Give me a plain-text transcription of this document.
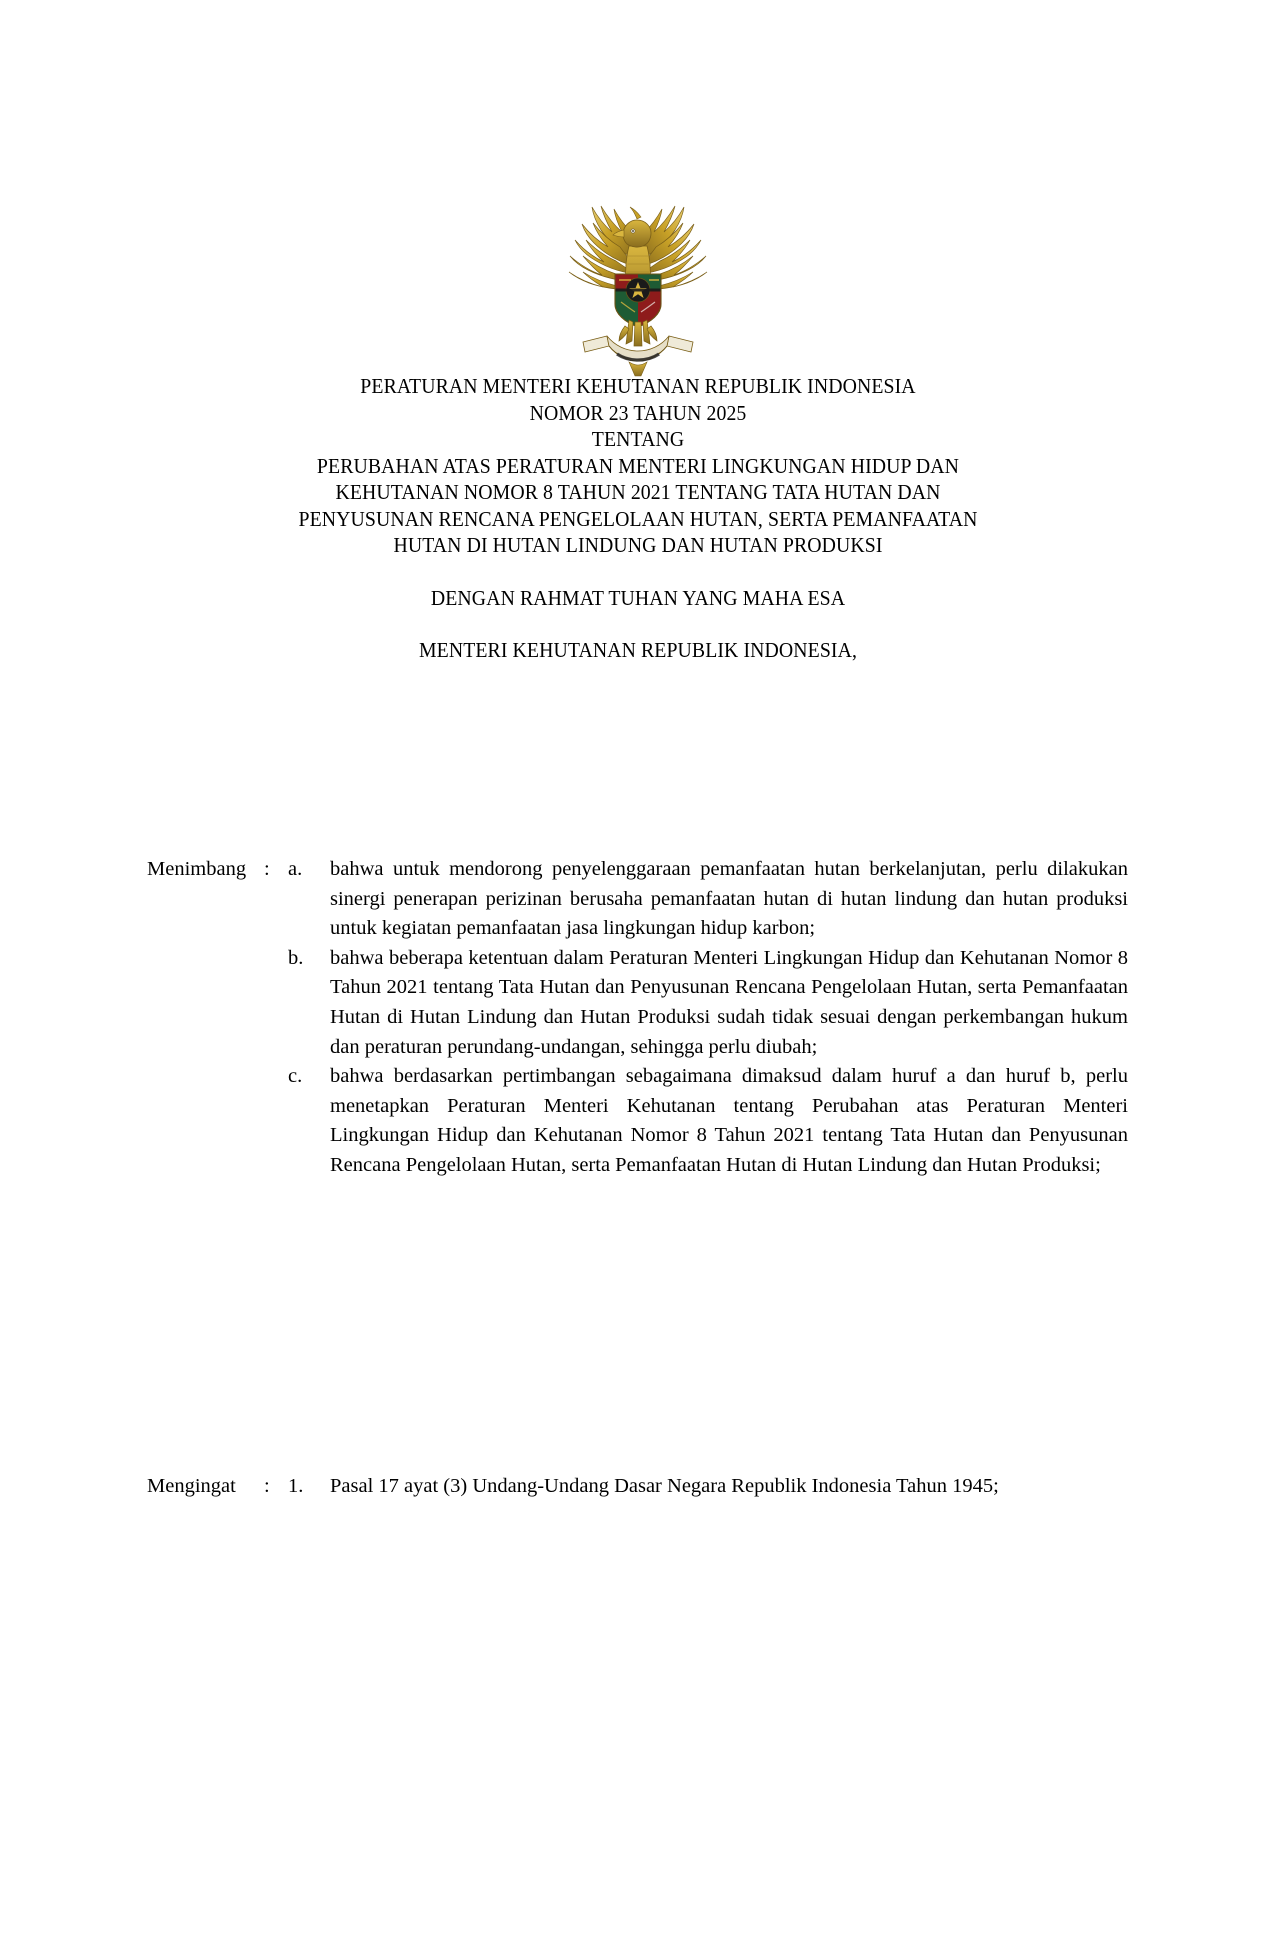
PERATURAN MENTERI KEHUTANAN REPUBLIK INDONESIA
NOMOR 23 TAHUN 2025
TENTANG
PERUBAHAN ATAS PERATURAN MENTERI LINGKUNGAN HIDUP DAN
KEHUTANAN NOMOR 8 TAHUN 2021 TENTANG TATA HUTAN DAN
PENYUSUNAN RENCANA PENGELOLAAN HUTAN, SERTA PEMANFAATAN
HUTAN DI HUTAN LINDUNG DAN HUTAN PRODUKSI
DENGAN RAHMAT TUHAN YANG MAHA ESA
MENTERI KEHUTANAN REPUBLIK INDONESIA,
Menimbang : a.	bahwa untuk mendorong penyelenggaraan pemanfaatan hutan berkelanjutan, perlu dilakukan sinergi penerapan perizinan berusaha pemanfaatan hutan di hutan lindung dan hutan produksi untuk kegiatan pemanfaatan jasa lingkungan hidup karbon;
b.	bahwa beberapa ketentuan dalam Peraturan Menteri Lingkungan Hidup dan Kehutanan Nomor 8 Tahun 2021 tentang Tata Hutan dan Penyusunan Rencana Pengelolaan Hutan, serta Pemanfaatan Hutan di Hutan Lindung dan Hutan Produksi sudah tidak sesuai dengan perkembangan hukum dan peraturan perundang-undangan, sehingga perlu diubah;
c.	bahwa berdasarkan pertimbangan sebagaimana dimaksud dalam huruf a dan huruf b, perlu menetapkan Peraturan Menteri Kehutanan tentang Perubahan atas Peraturan Menteri Lingkungan Hidup dan Kehutanan Nomor 8 Tahun 2021 tentang Tata Hutan dan Penyusunan Rencana Pengelolaan Hutan, serta Pemanfaatan Hutan di Hutan Lindung dan Hutan Produksi;
Mengingat	: 1.	Pasal 17 ayat (3) Undang-Undang Dasar Negara Republik Indonesia Tahun 1945;
